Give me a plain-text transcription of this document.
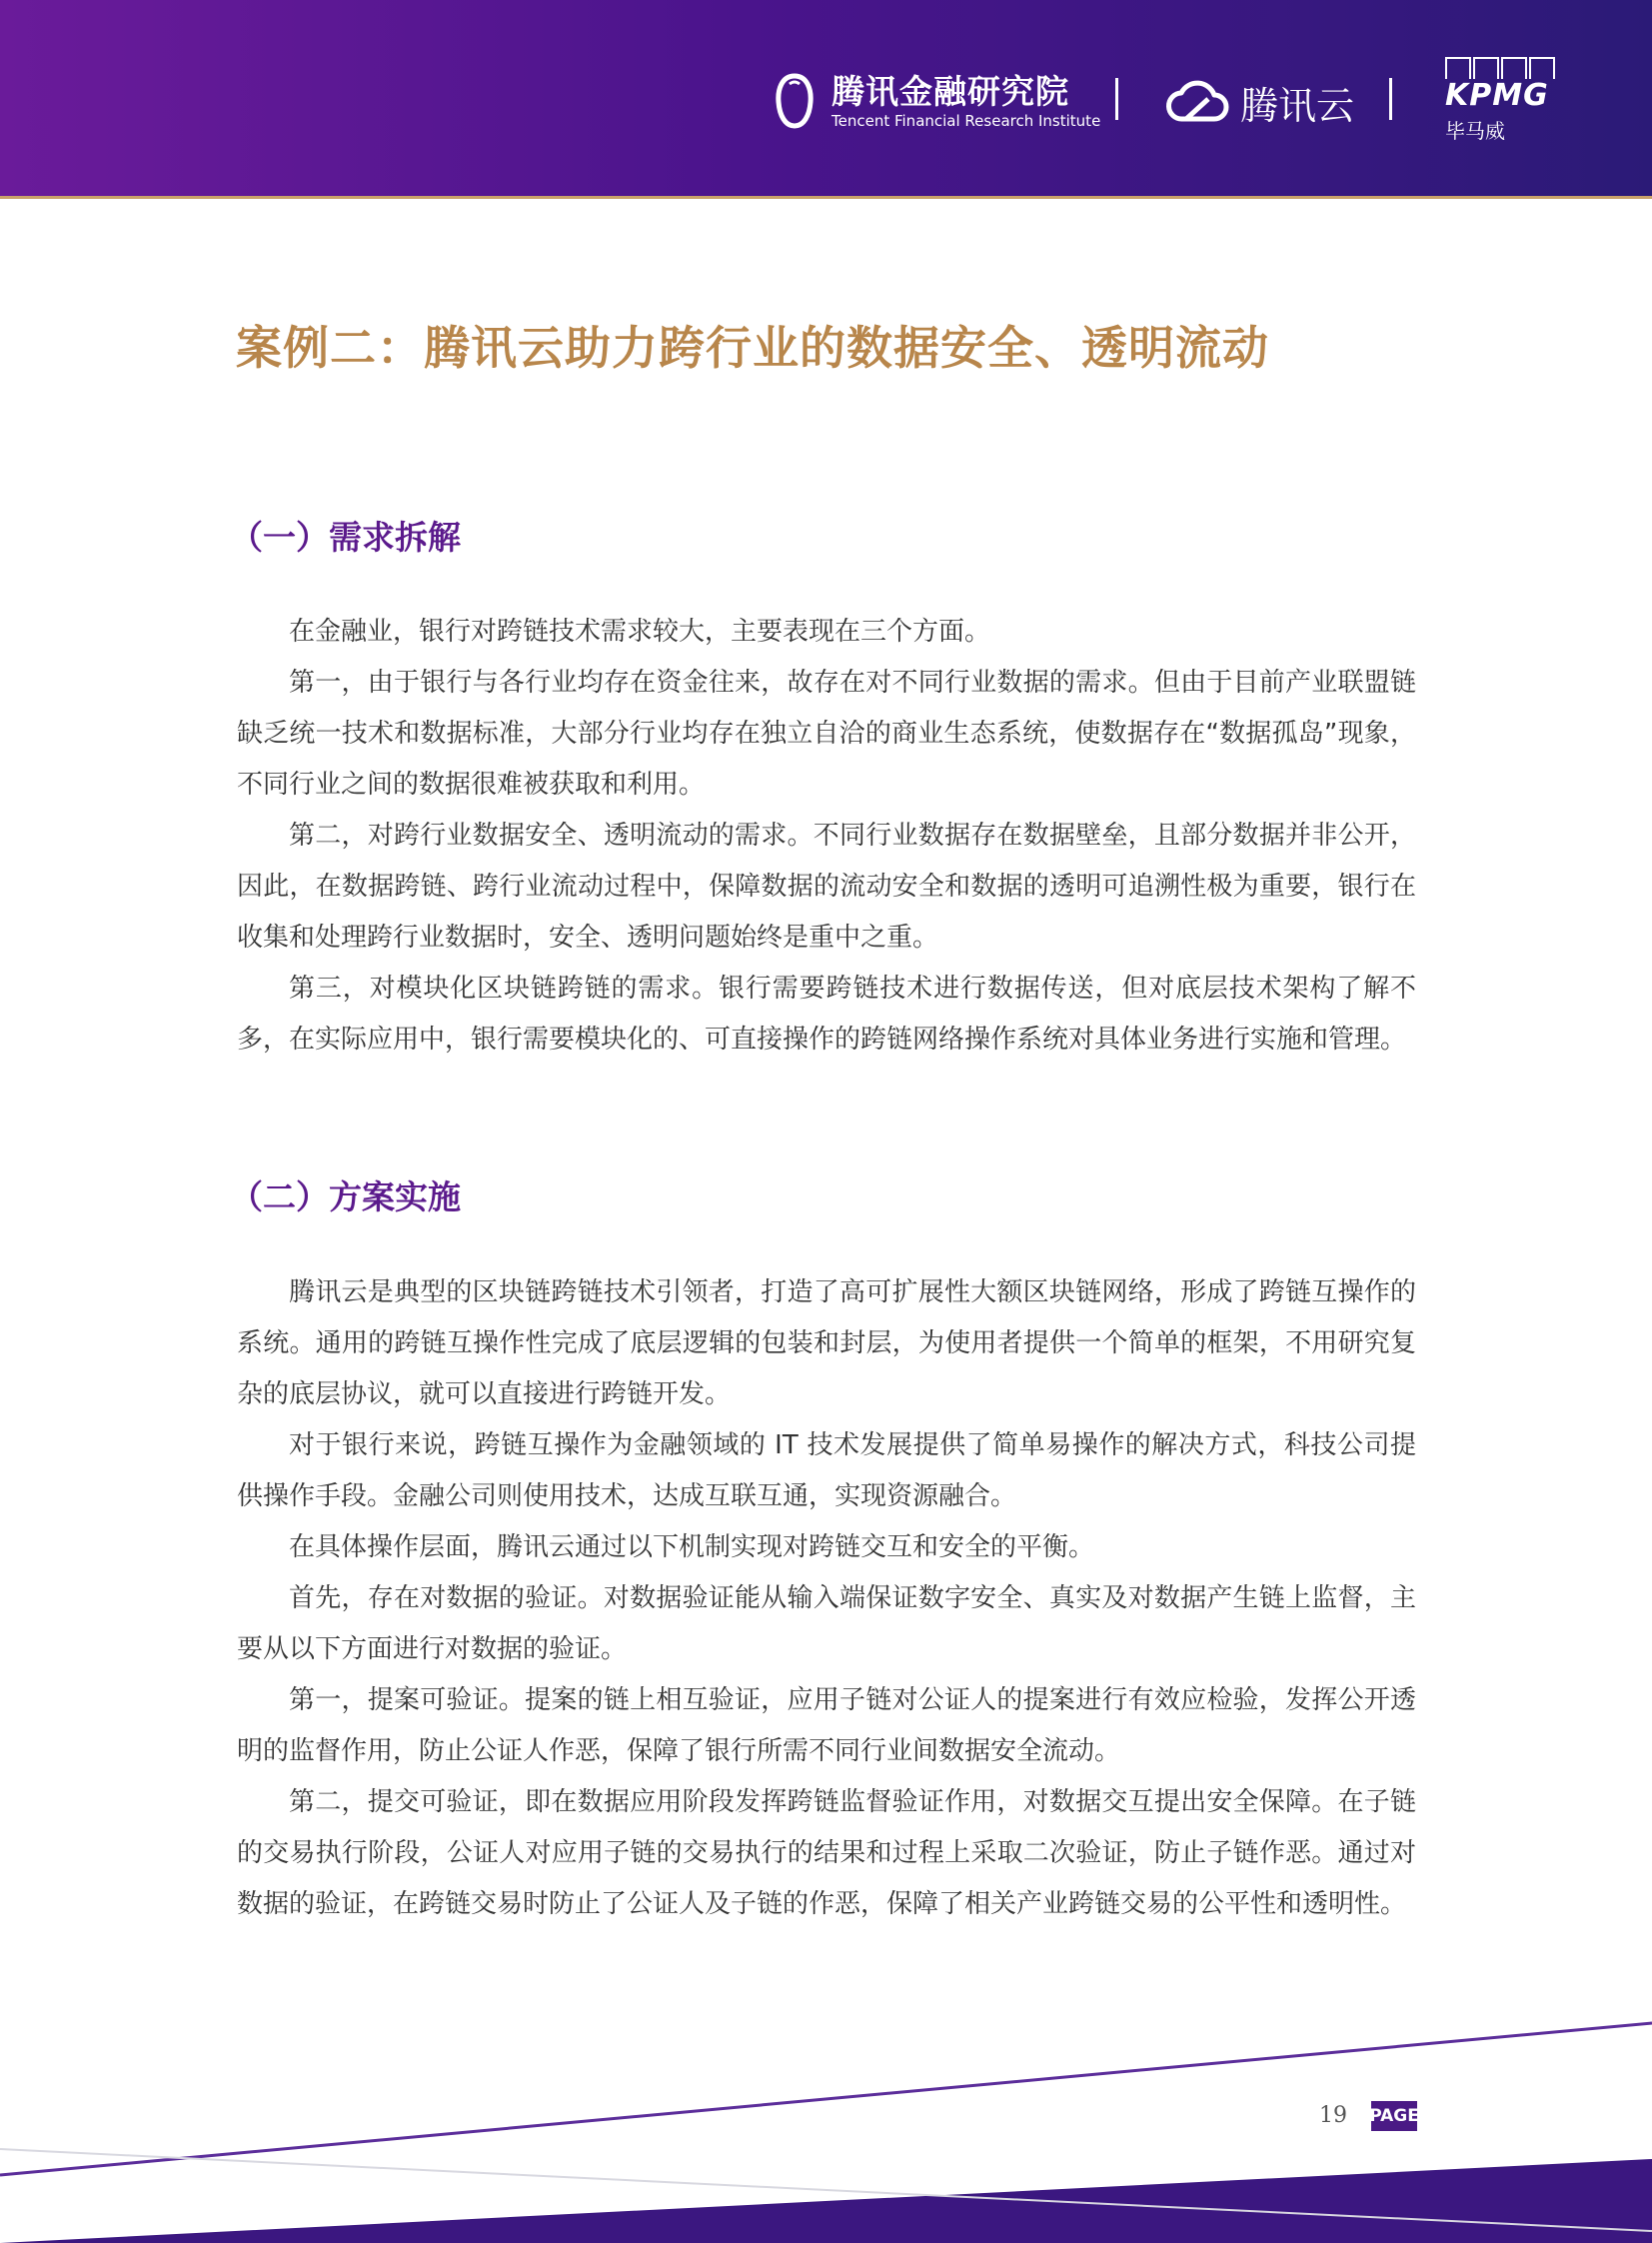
腾讯金融研究院
Tencent Financial Research Institute	腾讯云	KPMG
毕马威
案例二：腾讯云助力跨行业的数据安全、透明流动
（一）需求拆解

在金融业，银行对跨链技术需求较大，主要表现在三个方面。

第一，由于银行与各行业均存在资金往来，故存在对不同行业数据的需求。但由于目前产业联盟链缺乏统一技术和数据标准，大部分行业均存在独立自洽的商业生态系统，使数据存在“数据孤岛”现象，不同行业之间的数据很难被获取和利用。

第二，对跨行业数据安全、透明流动的需求。不同行业数据存在数据壁垒，且部分数据并非公开，因此，在数据跨链、跨行业流动过程中，保障数据的流动安全和数据的透明可追溯性极为重要，银行在收集和处理跨行业数据时，安全、透明问题始终是重中之重。

第三，对模块化区块链跨链的需求。银行需要跨链技术进行数据传送，但对底层技术架构了解不多，在实际应用中，银行需要模块化的、可直接操作的跨链网络操作系统对具体业务进行实施和管理。

（二）方案实施

腾讯云是典型的区块链跨链技术引领者，打造了高可扩展性大额区块链网络，形成了跨链互操作的系统。通用的跨链互操作性完成了底层逻辑的包装和封层，为使用者提供一个简单的框架，不用研究复杂的底层协议，就可以直接进行跨链开发。

对于银行来说，跨链互操作为金融领域的 IT 技术发展提供了简单易操作的解决方式，科技公司提供操作手段。金融公司则使用技术，达成互联互通，实现资源融合。

在具体操作层面，腾讯云通过以下机制实现对跨链交互和安全的平衡。

首先，存在对数据的验证。对数据验证能从输入端保证数字安全、真实及对数据产生链上监督，主要从以下方面进行对数据的验证。

第一，提案可验证。提案的链上相互验证，应用子链对公证人的提案进行有效应检验，发挥公开透明的监督作用，防止公证人作恶，保障了银行所需不同行业间数据安全流动。

第二，提交可验证，即在数据应用阶段发挥跨链监督验证作用，对数据交互提出安全保障。在子链的交易执行阶段，公证人对应用子链的交易执行的结果和过程上采取二次验证，防止子链作恶。通过对数据的验证，在跨链交易时防止了公证人及子链的作恶，保障了相关产业跨链交易的公平性和透明性。

19 PAGE
